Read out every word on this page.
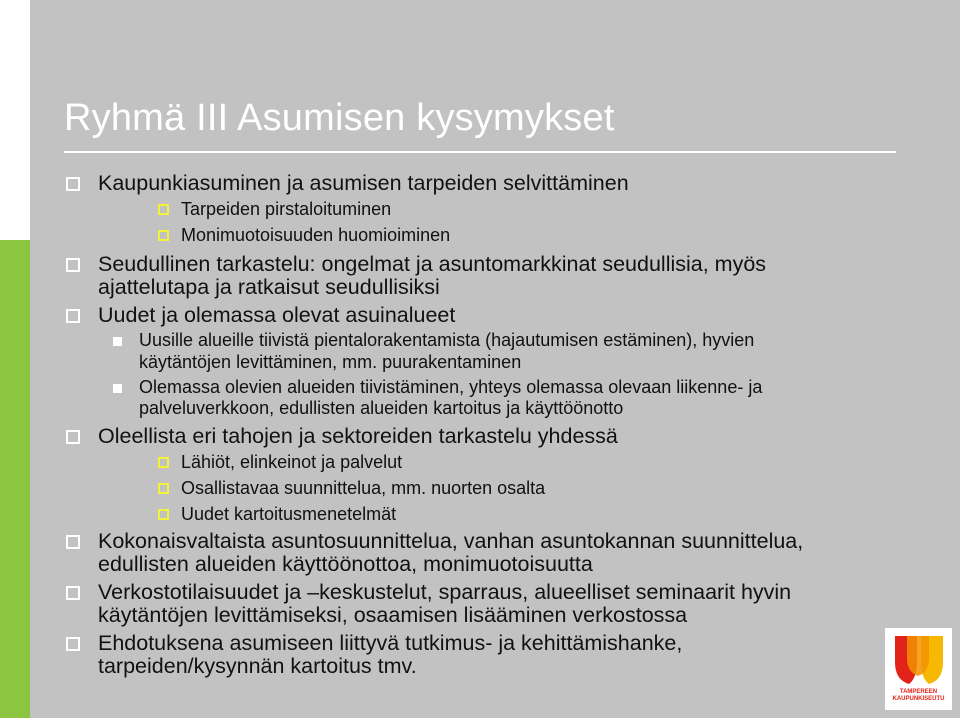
Ryhmä III Asumisen kysymykset
Kaupunkiasuminen ja asumisen tarpeiden selvittäminen
Tarpeiden pirstaloituminen
Monimuotoisuuden huomioiminen
Seudullinen tarkastelu: ongelmat ja asuntomarkkinat seudullisia, myös
ajattelutapa ja ratkaisut seudullisiksi
Uudet ja olemassa olevat asuinalueet
Uusille alueille tiivistä pientalorakentamista (hajautumisen estäminen), hyvien
käytäntöjen levittäminen, mm. puurakentaminen
Olemassa olevien alueiden tiivistäminen, yhteys olemassa olevaan liikenne- ja
palveluverkkoon, edullisten alueiden kartoitus ja käyttöönotto
Oleellista eri tahojen ja sektoreiden tarkastelu yhdessä
Lähiöt, elinkeinot ja palvelut
Osallistavaa suunnittelua, mm. nuorten osalta
Uudet kartoitusmenetelmät
Kokonaisvaltaista asuntosuunnittelua, vanhan asuntokannan suunnittelua,
edullisten alueiden käyttöönottoa, monimuotoisuutta
Verkostotilaisuudet ja –keskustelut, sparraus, alueelliset seminaarit hyvin
käytäntöjen levittämiseksi, osaamisen lisääminen verkostossa
Ehdotuksena asumiseen liittyvä tutkimus- ja kehittämishanke,
tarpeiden/kysynnän kartoitus tmv.
TAMPEREEN
KAUPUNKISEUTU
